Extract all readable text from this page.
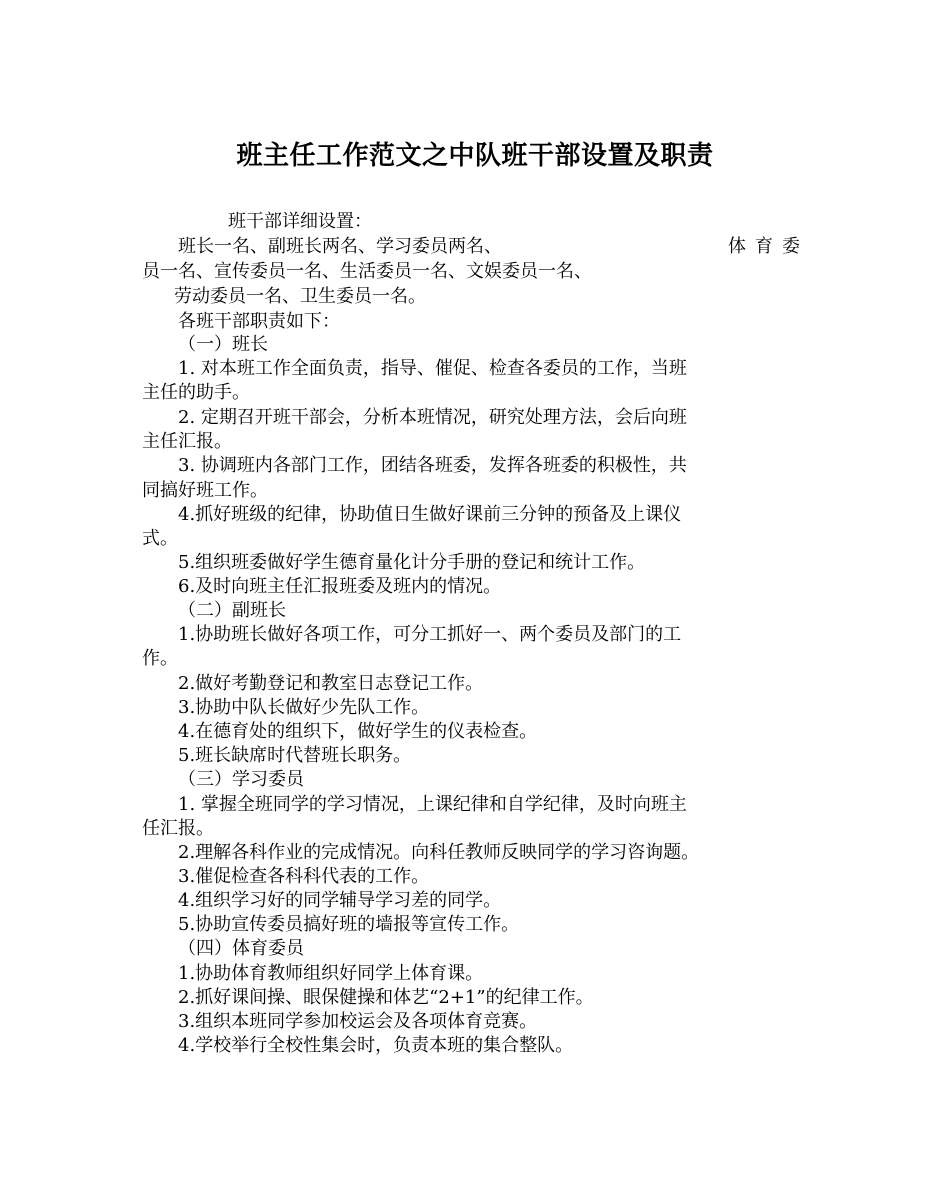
班主任工作范文之中队班干部设置及职责

班干部详细设置：

班长一名、副班长两名、学习委员两名、	体育委

员一名、宣传委员一名、生活委员一名、文娱委员一名、

劳动委员一名、卫生委员一名。

各班干部职责如下：

（一）班长

1. 对本班工作全面负责，指导、催促、检查各委员的工作，当班

主任的助手。

2. 定期召开班干部会，分析本班情况，研究处理方法，会后向班

主任汇报。

3. 协调班内各部门工作，团结各班委，发挥各班委的积极性，共

同搞好班工作。

4.抓好班级的纪律，协助值日生做好课前三分钟的预备及上课仪

式。

5.组织班委做好学生德育量化计分手册的登记和统计工作。

6.及时向班主任汇报班委及班内的情况。

（二）副班长

1.协助班长做好各项工作，可分工抓好一、两个委员及部门的工

作。

2.做好考勤登记和教室日志登记工作。

3.协助中队长做好少先队工作。

4.在德育处的组织下，做好学生的仪表检查。

5.班长缺席时代替班长职务。

（三）学习委员

1. 掌握全班同学的学习情况，上课纪律和自学纪律，及时向班主

任汇报。

2.理解各科作业的完成情况。向科任教师反映同学的学习咨询题。

3.催促检查各科科代表的工作。

4.组织学习好的同学辅导学习差的同学。

5.协助宣传委员搞好班的墙报等宣传工作。

（四）体育委员

1.协助体育教师组织好同学上体育课。

2.抓好课间操、眼保健操和体艺“2+1”的纪律工作。

3.组织本班同学参加校运会及各项体育竞赛。

4.学校举行全校性集会时，负责本班的集合整队。
